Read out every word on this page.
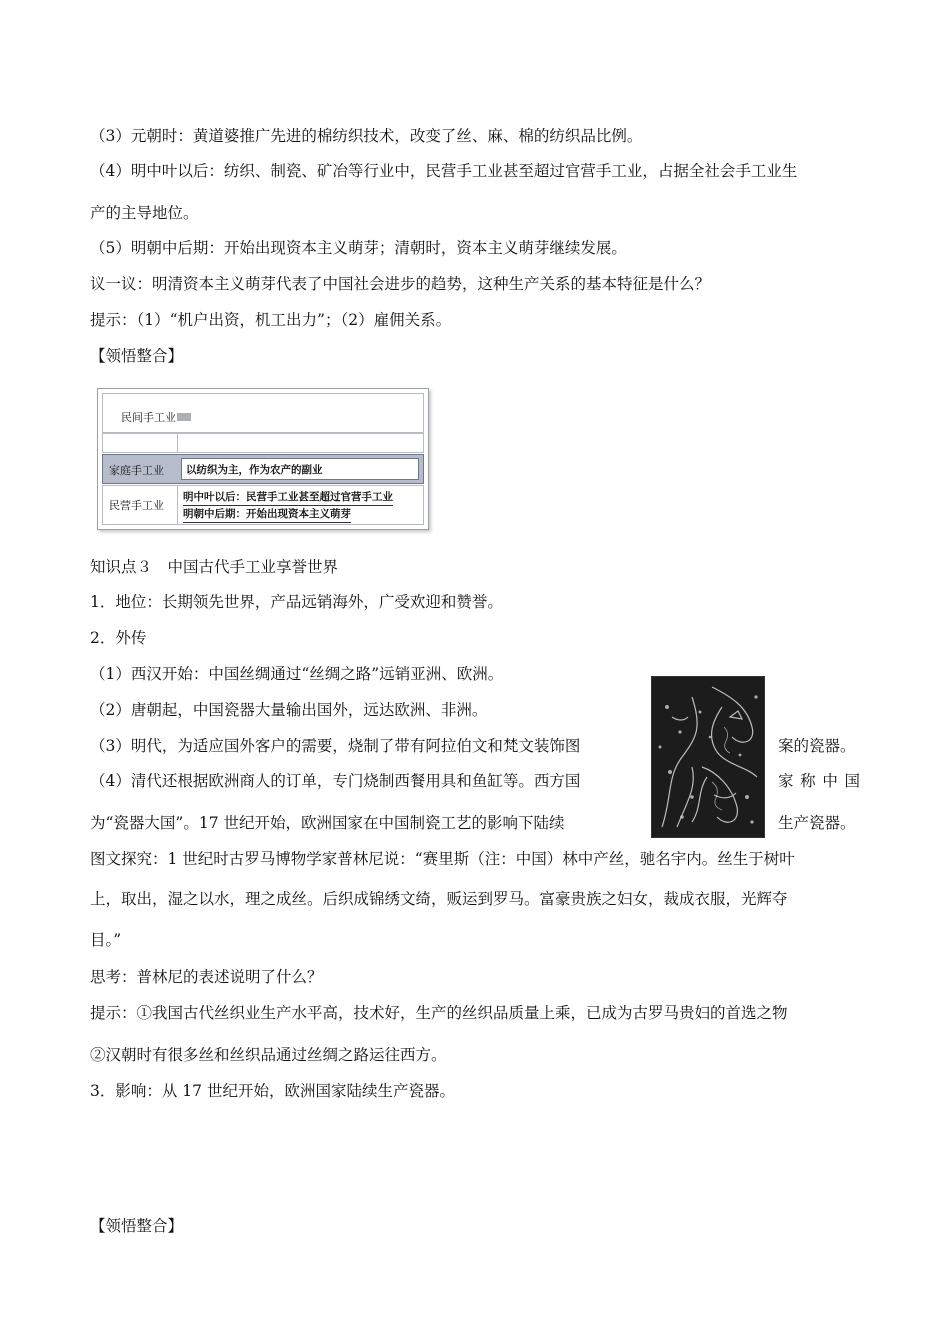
（3）元朝时：黄道婆推广先进的棉纺织技术，改变了丝、麻、棉的纺织品比例。
（4）明中叶以后：纺织、制瓷、矿冶等行业中，民营手工业甚至超过官营手工业，占据全社会手工业生
产的主导地位。
（5）明朝中后期：开始出现资本主义萌芽；清朝时，资本主义萌芽继续发展。
议一议：明清资本主义萌芽代表了中国社会进步的趋势，这种生产关系的基本特征是什么？
提示：（1）“机户出资，机工出力”；（2）雇佣关系。
【领悟整合】
民间手工业
家庭手工业 以纺织为主，作为农产的副业
民营手工业
明中叶以后：民营手工业甚至超过官营手工业
明朝中后期：开始出现资本主义萌芽
知识点３　中国古代手工业享誉世界
1．地位：长期领先世界，产品远销海外，广受欢迎和赞誉。
2．外传
（1）西汉开始：中国丝绸通过“丝绸之路”远销亚洲、欧洲。
（2）唐朝起，中国瓷器大量输出国外，远达欧洲、非洲。
（3）明代，为适应国外客户的需要，烧制了带有阿拉伯文和梵文装饰图	案的瓷器。
（4）清代还根据欧洲商人的订单，专门烧制西餐用具和鱼缸等。西方国	家称中国
为“瓷器大国”。17 世纪开始，欧洲国家在中国制瓷工艺的影响下陆续	生产瓷器。
图文探究：1 世纪时古罗马博物学家普林尼说：“赛里斯（注：中国）林中产丝，驰名宇内。丝生于树叶
上，取出，湿之以水，理之成丝。后织成锦绣文绮，贩运到罗马。富豪贵族之妇女，裁成衣服，光辉夺
目。”
思考：普林尼的表述说明了什么？
提示：①我国古代丝织业生产水平高，技术好，生产的丝织品质量上乘，已成为古罗马贵妇的首选之物
②汉朝时有很多丝和丝织品通过丝绸之路运往西方。
3．影响：从 17 世纪开始，欧洲国家陆续生产瓷器。
【领悟整合】
